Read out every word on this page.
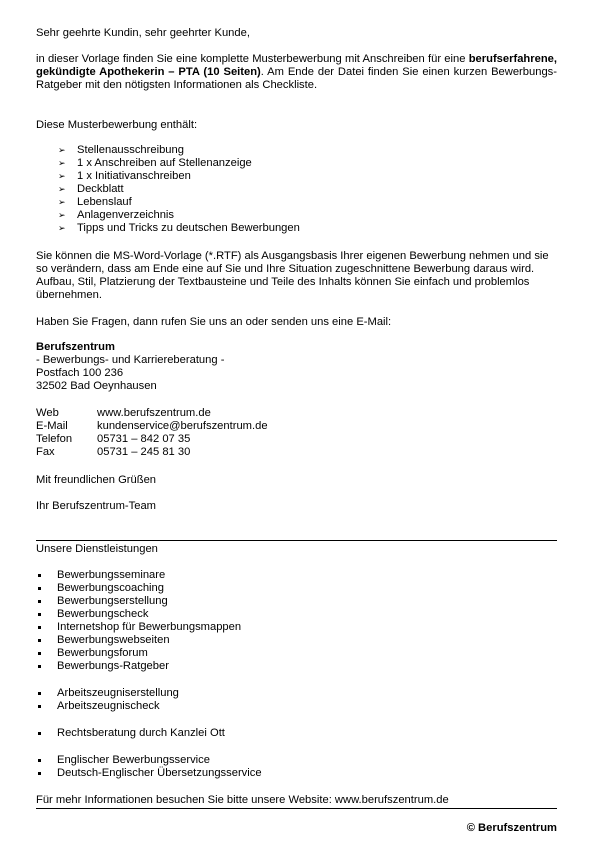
Sehr geehrte Kundin, sehr geehrter Kunde,

in dieser Vorlage finden Sie eine komplette Musterbewerbung mit Anschreiben für eine berufserfahrene, gekündigte Apothekerin – PTA (10 Seiten). Am Ende der Datei finden Sie einen kurzen Bewerbungs-Ratgeber mit den nötigsten Informationen als Checkliste.

Diese Musterbewerbung enthält:

➢ Stellenausschreibung
➢ 1 x Anschreiben auf Stellenanzeige
➢ 1 x Initiativanschreiben
➢ Deckblatt
➢ Lebenslauf
➢ Anlagenverzeichnis
➢ Tipps und Tricks zu deutschen Bewerbungen

Sie können die MS-Word-Vorlage (*.RTF) als Ausgangsbasis Ihrer eigenen Bewerbung nehmen und sie so verändern, dass am Ende eine auf Sie und Ihre Situation zugeschnittene Bewerbung daraus wird. Aufbau, Stil, Platzierung der Textbausteine und Teile des Inhalts können Sie einfach und problemlos übernehmen.

Haben Sie Fragen, dann rufen Sie uns an oder senden uns eine E-Mail:

Berufszentrum
- Bewerbungs- und Karriereberatung -
Postfach 100 236
32502 Bad Oeynhausen

Web	www.berufszentrum.de
E-Mail	kundenservice@berufszentrum.de
Telefon	05731 – 842 07 35
Fax	05731 – 245 81 30

Mit freundlichen Grüßen

Ihr Berufszentrum-Team

Unsere Dienstleistungen

Bewerbungsseminare
Bewerbungscoaching
Bewerbungserstellung
Bewerbungscheck
Internetshop für Bewerbungsmappen
Bewerbungswebseiten
Bewerbungsforum
Bewerbungs-Ratgeber
Arbeitszeugniserstellung
Arbeitszeugnischeck
Rechtsberatung durch Kanzlei Ott
Englischer Bewerbungsservice
Deutsch-Englischer Übersetzungsservice

Für mehr Informationen besuchen Sie bitte unsere Website: www.berufszentrum.de

© Berufszentrum
